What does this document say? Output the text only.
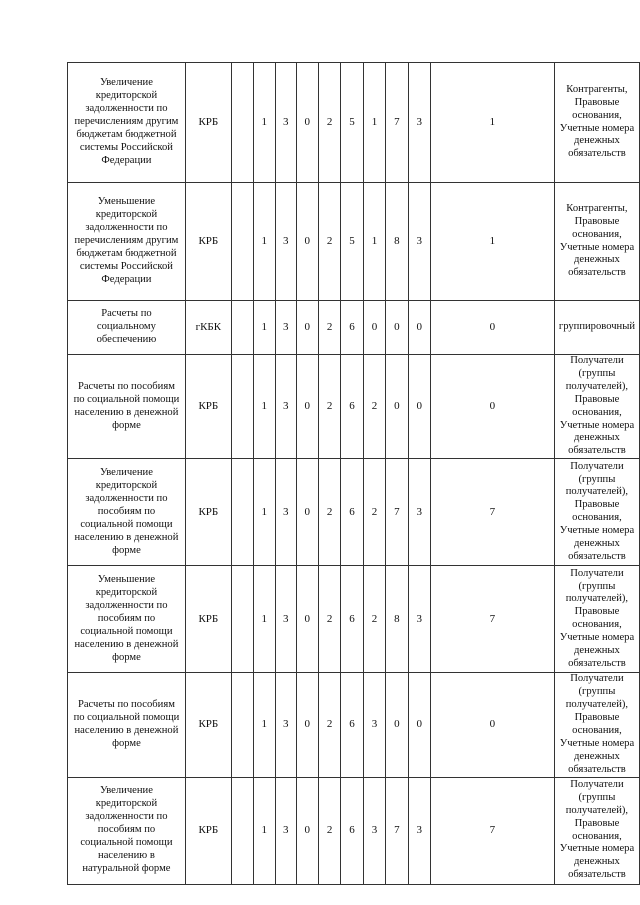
Увеличение кредиторской задолженности по перечислениям другим бюджетам бюджетной системы Российской Федерации	КРБ		1	3	0	2	5	1	7	3	1	Контрагенты, Правовые основания, Учетные номера денежных обязательств
Уменьшение кредиторской задолженности по перечислениям другим бюджетам бюджетной системы Российской Федерации	КРБ		1	3	0	2	5	1	8	3	1	Контрагенты, Правовые основания, Учетные номера денежных обязательств
Расчеты по социальному обеспечению	гКБК		1	3	0	2	6	0	0	0	0	группировочный
Расчеты по пособиям по социальной помощи населению в денежной форме	КРБ		1	3	0	2	6	2	0	0	0	Получатели (группы получателей), Правовые основания, Учетные номера денежных обязательств
Увеличение кредиторской задолженности по пособиям по социальной помощи населению в денежной форме	КРБ		1	3	0	2	6	2	7	3	7	Получатели (группы получателей), Правовые основания, Учетные номера денежных обязательств
Уменьшение кредиторской задолженности по пособиям по социальной помощи населению в денежной форме	КРБ		1	3	0	2	6	2	8	3	7	Получатели (группы получателей), Правовые основания, Учетные номера денежных обязательств
Расчеты по пособиям по социальной помощи населению в денежной форме	КРБ		1	3	0	2	6	3	0	0	0	Получатели (группы получателей), Правовые основания, Учетные номера денежных обязательств
Увеличение кредиторской задолженности по пособиям по социальной помощи населению в натуральной форме	КРБ		1	3	0	2	6	3	7	3	7	Получатели (группы получателей), Правовые основания, Учетные номера денежных обязательств
